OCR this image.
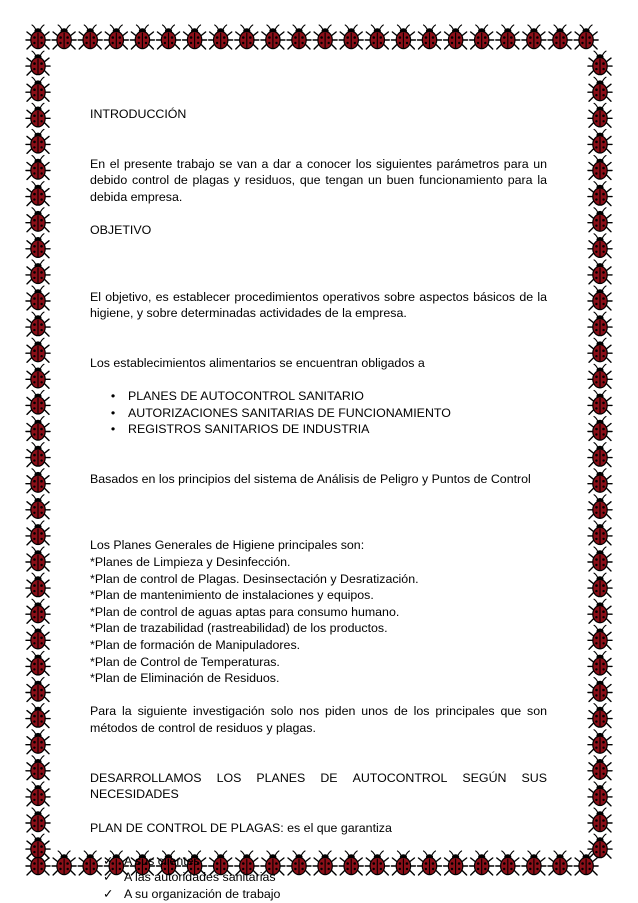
INTRODUCCIÓN

En el presente trabajo se van a dar a conocer los siguientes parámetros para un debido control de plagas y residuos, que tengan un buen funcionamiento para la debida empresa.

OBJETIVO

El objetivo, es establecer procedimientos operativos sobre aspectos básicos de la higiene, y sobre determinadas actividades de la empresa.

Los establecimientos alimentarios se encuentran obligados a

•	PLANES DE AUTOCONTROL SANITARIO
•	AUTORIZACIONES SANITARIAS DE FUNCIONAMIENTO
•	REGISTROS SANITARIOS DE INDUSTRIA

Basados en los principios del sistema de Análisis de Peligro y Puntos de Control

Los Planes Generales de Higiene principales son:

*Planes de Limpieza y Desinfección.

*Plan de control de Plagas. Desinsectación y Desratización.

*Plan de mantenimiento de instalaciones y equipos.

*Plan de control de aguas aptas para consumo humano.

*Plan de trazabilidad (rastreabilidad) de los productos.

*Plan de formación de Manipuladores.

*Plan de Control de Temperaturas.

*Plan de Eliminación de Residuos.

Para la siguiente investigación solo nos piden unos de los principales que son métodos de control de residuos y plagas.

DESARROLLAMOS LOS PLANES DE AUTOCONTROL SEGÚN SUS

NECESIDADES

PLAN DE CONTROL DE PLAGAS: es el que garantiza

✓ A sus clientes
✓ A las autoridades sanitarias
✓ A su organización de trabajo
